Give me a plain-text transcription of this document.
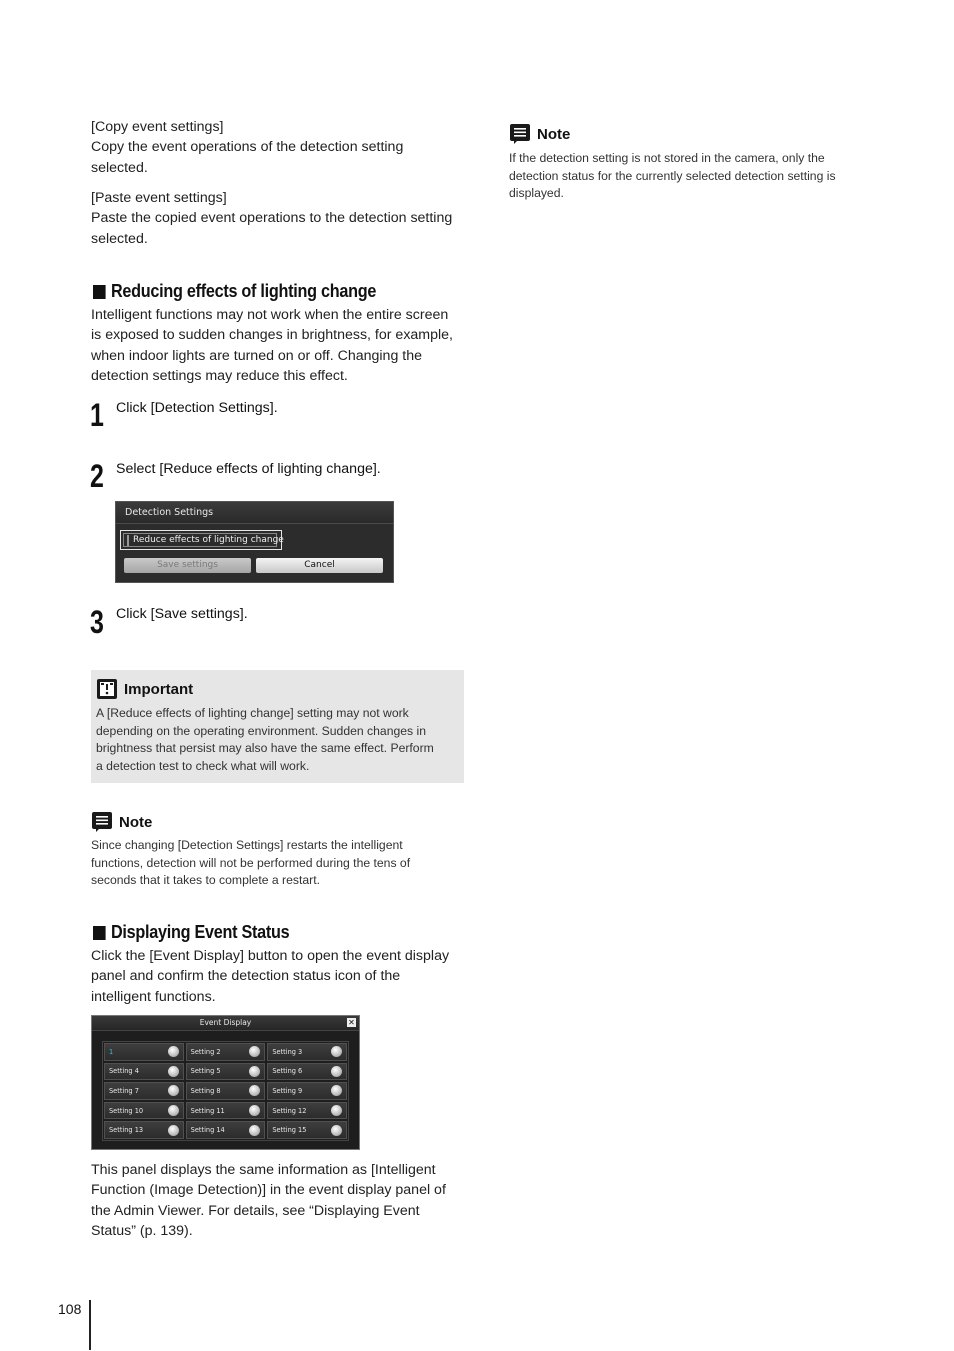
[Copy event settings]

Copy the event operations of the detection setting

selected.

[Paste event settings]

Paste the copied event operations to the detection setting

selected.

Reducing effects of lighting change

Intelligent functions may not work when the entire screen

is exposed to sudden changes in brightness, for example,

when indoor lights are turned on or off. Changing the

detection settings may reduce this effect.

1 Click [Detection Settings].
2 Select [Reduce effects of lighting change].
Detection Settings
Reduce effects of lighting change
Save settings	Cancel
3 Click [Save settings].
Important

A [Reduce effects of lighting change] setting may not work

depending on the operating environment. Sudden changes in

brightness that persist may also have the same effect. Perform

a detection test to check what will work.

Note

Since changing [Detection Settings] restarts the intelligent

functions, detection will not be performed during the tens of

seconds that it takes to complete a restart.

Displaying Event Status

Click the [Event Display] button to open the event display

panel and confirm the detection status icon of the

intelligent functions.

Event Display	✕
1	Setting 2	Setting 3
Setting 4	Setting 5	Setting 6
Setting 7	Setting 8	Setting 9
Setting 10	Setting 11	Setting 12
Setting 13	Setting 14	Setting 15

This panel displays the same information as [Intelligent

Function (Image Detection)] in the event display panel of

the Admin Viewer. For details, see “Displaying Event

Status” (p. 139).

Note

If the detection setting is not stored in the camera, only the

detection status for the currently selected detection setting is

displayed.

108
